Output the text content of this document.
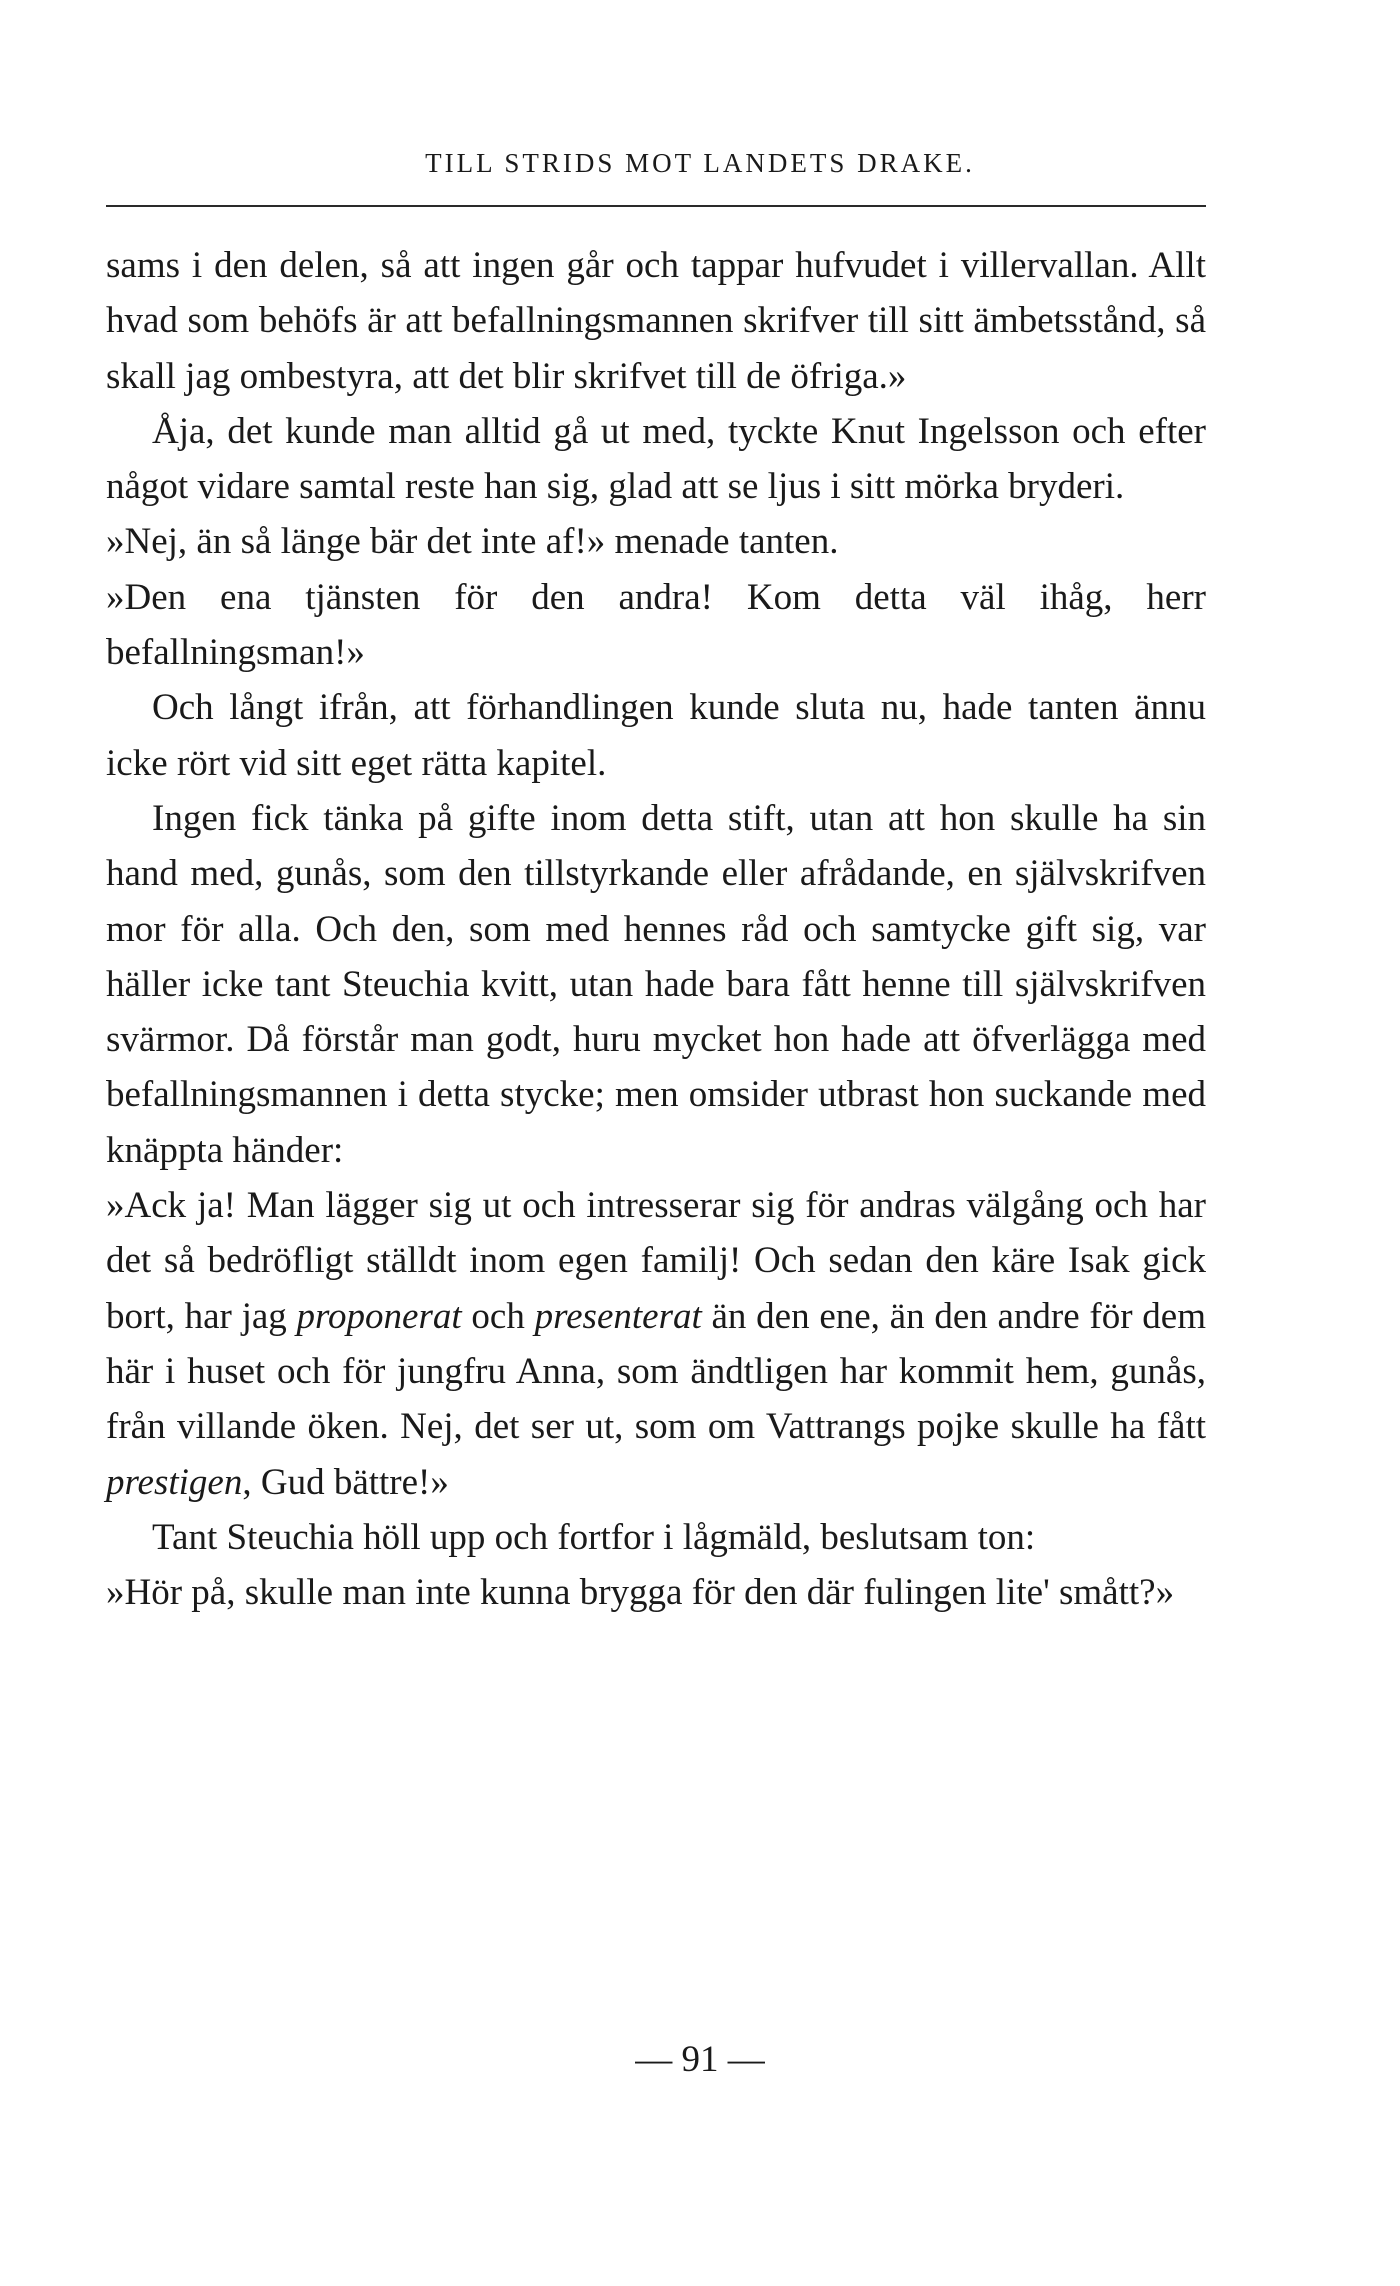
TILL STRIDS MOT LANDETS DRAKE.

sams i den delen, så att ingen går och tappar hufvudet i villervallan. Allt hvad som behöfs är att befallningsmannen skrifver till sitt ämbetsstånd, så skall jag ombestyra, att det blir skrifvet till de öfriga.»

Åja, det kunde man alltid gå ut med, tyckte Knut Ingelsson och efter något vidare samtal reste han sig, glad att se ljus i sitt mörka bryderi.

»Nej, än så länge bär det inte af!» menade tanten.

»Den ena tjänsten för den andra! Kom detta väl ihåg, herr befallningsman!»

Och långt ifrån, att förhandlingen kunde sluta nu, hade tanten ännu icke rört vid sitt eget rätta kapitel.

Ingen fick tänka på gifte inom detta stift, utan att hon skulle ha sin hand med, gunås, som den tillstyrkande eller afrådande, en självskrifven mor för alla. Och den, som med hennes råd och samtycke gift sig, var häller icke tant Steuchia kvitt, utan hade bara fått henne till självskrifven svärmor. Då förstår man godt, huru mycket hon hade att öfverlägga med befallningsmannen i detta stycke; men omsider utbrast hon suckande med knäppta händer:

»Ack ja! Man lägger sig ut och intresserar sig för andras välgång och har det så bedröfligt ställdt inom egen familj! Och sedan den käre Isak gick bort, har jag proponerat och presenterat än den ene, än den andre för dem här i huset och för jungfru Anna, som ändtligen har kommit hem, gunås, från villande öken. Nej, det ser ut, som om Vattrangs pojke skulle ha fått prestigen, Gud bättre!»

Tant Steuchia höll upp och fortfor i lågmäld, beslutsam ton:

»Hör på, skulle man inte kunna brygga för den där fulingen lite' smått?»

— 91 —
